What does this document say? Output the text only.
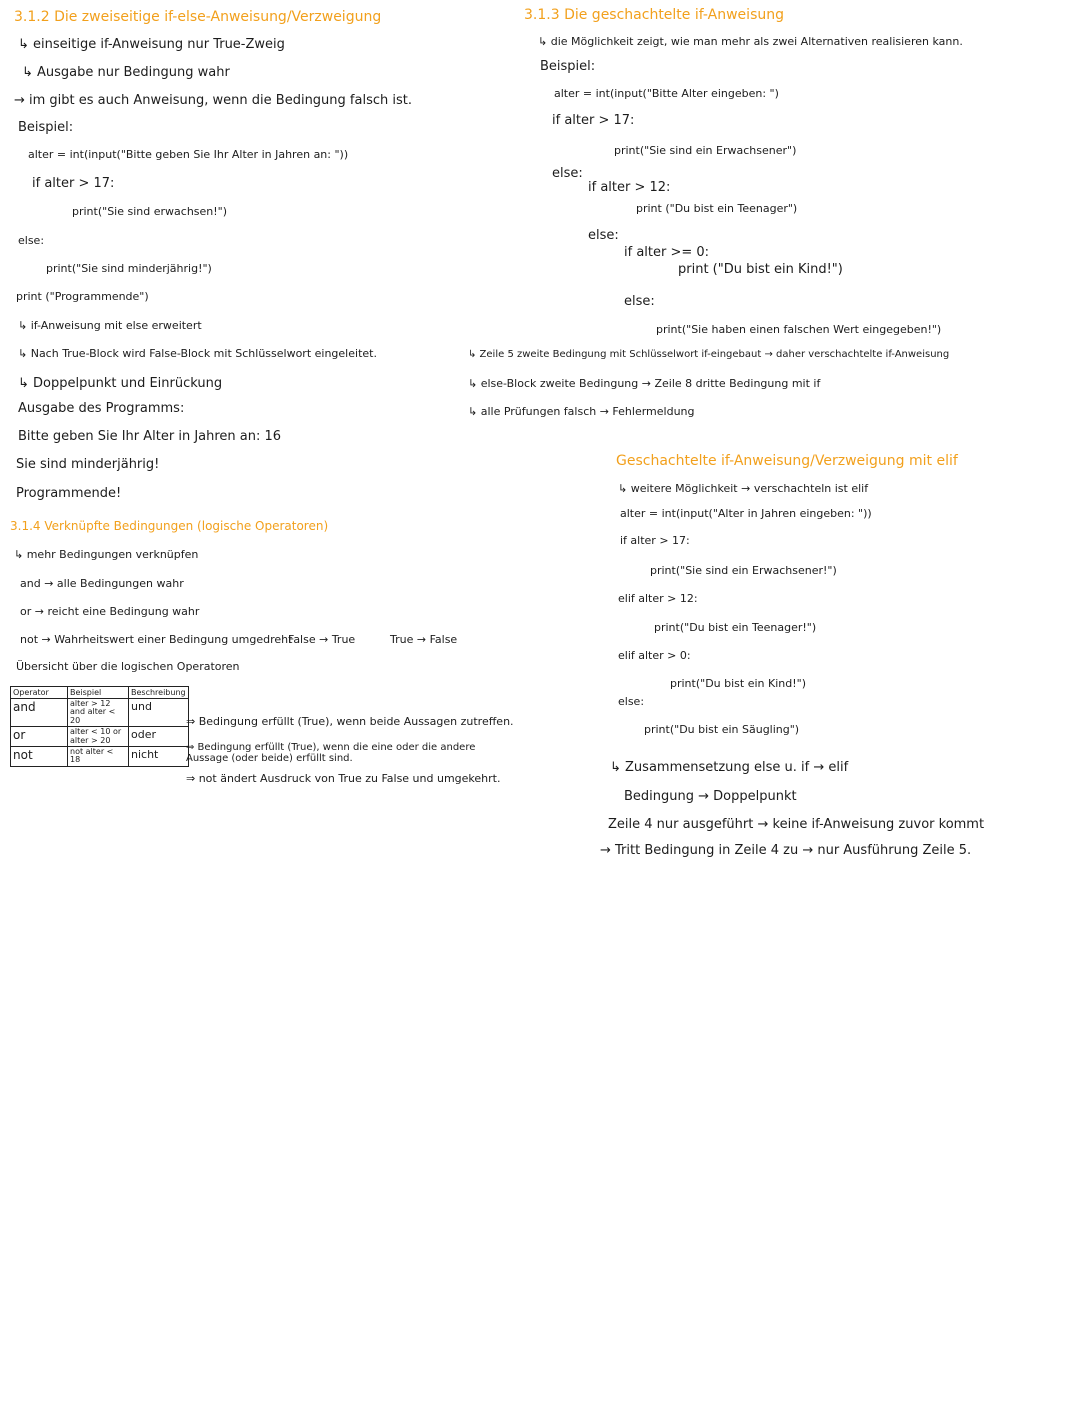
3.1.2 Die zweiseitige if-else-Anweisung/Verzweigung
↳ einseitige if-Anweisung nur True-Zweig
↳ Ausgabe nur Bedingung wahr
→ im gibt es auch Anweisung, wenn die Bedingung falsch ist.
Beispiel:
alter = int(input("Bitte geben Sie Ihr Alter in Jahren an: "))
if alter > 17:
print("Sie sind erwachsen!")
else:
print("Sie sind minderjährig!")
print ("Programmende")
↳ if-Anweisung mit else erweitert
↳ Nach True-Block wird False-Block mit Schlüsselwort eingeleitet.
↳ Doppelpunkt und Einrückung
Ausgabe des Programms:
Bitte geben Sie Ihr Alter in Jahren an: 16
Sie sind minderjährig!
Programmende!
3.1.4 Verknüpfte Bedingungen (logische Operatoren)
↳ mehr Bedingungen verknüpfen
and → alle Bedingungen wahr
or → reicht eine Bedingung wahr
not → Wahrheitswert einer Bedingung umgedreht
False → True	True → False
Übersicht über die logischen Operatoren
Operator	Beispiel	Beschreibung
and	alter > 12 and alter < 20	und
or	alter < 10 or alter > 20	oder
not	not alter < 18	nicht
⇒ Bedingung erfüllt (True), wenn beide Aussagen zutreffen.
⇒ Bedingung erfüllt (True), wenn die eine oder die andere Aussage (oder beide) erfüllt sind.
⇒ not ändert Ausdruck von True zu False und umgekehrt.
3.1.3 Die geschachtelte if-Anweisung
↳ die Möglichkeit zeigt, wie man mehr als zwei Alternativen realisieren kann.
Beispiel:
alter = int(input("Bitte Alter eingeben: ")
if alter > 17:
print("Sie sind ein Erwachsener")
else:
if alter > 12:
print ("Du bist ein Teenager")
else:
if alter >= 0:
print ("Du bist ein Kind!")
else:
print("Sie haben einen falschen Wert eingegeben!")
↳ Zeile 5 zweite Bedingung mit Schlüsselwort if-eingebaut → daher verschachtelte if-Anweisung
↳ else-Block zweite Bedingung → Zeile 8 dritte Bedingung mit if
↳ alle Prüfungen falsch → Fehlermeldung
Geschachtelte if-Anweisung/Verzweigung mit elif
↳ weitere Möglichkeit → verschachteln ist elif
alter = int(input("Alter in Jahren eingeben: "))
if alter > 17:
print("Sie sind ein Erwachsener!")
elif alter > 12:
print("Du bist ein Teenager!")
elif alter > 0:
print("Du bist ein Kind!")
else:
print("Du bist ein Säugling")
↳ Zusammensetzung else u. if → elif
Bedingung → Doppelpunkt
Zeile 4 nur ausgeführt → keine if-Anweisung zuvor kommt
→ Tritt Bedingung in Zeile 4 zu → nur Ausführung Zeile 5.
